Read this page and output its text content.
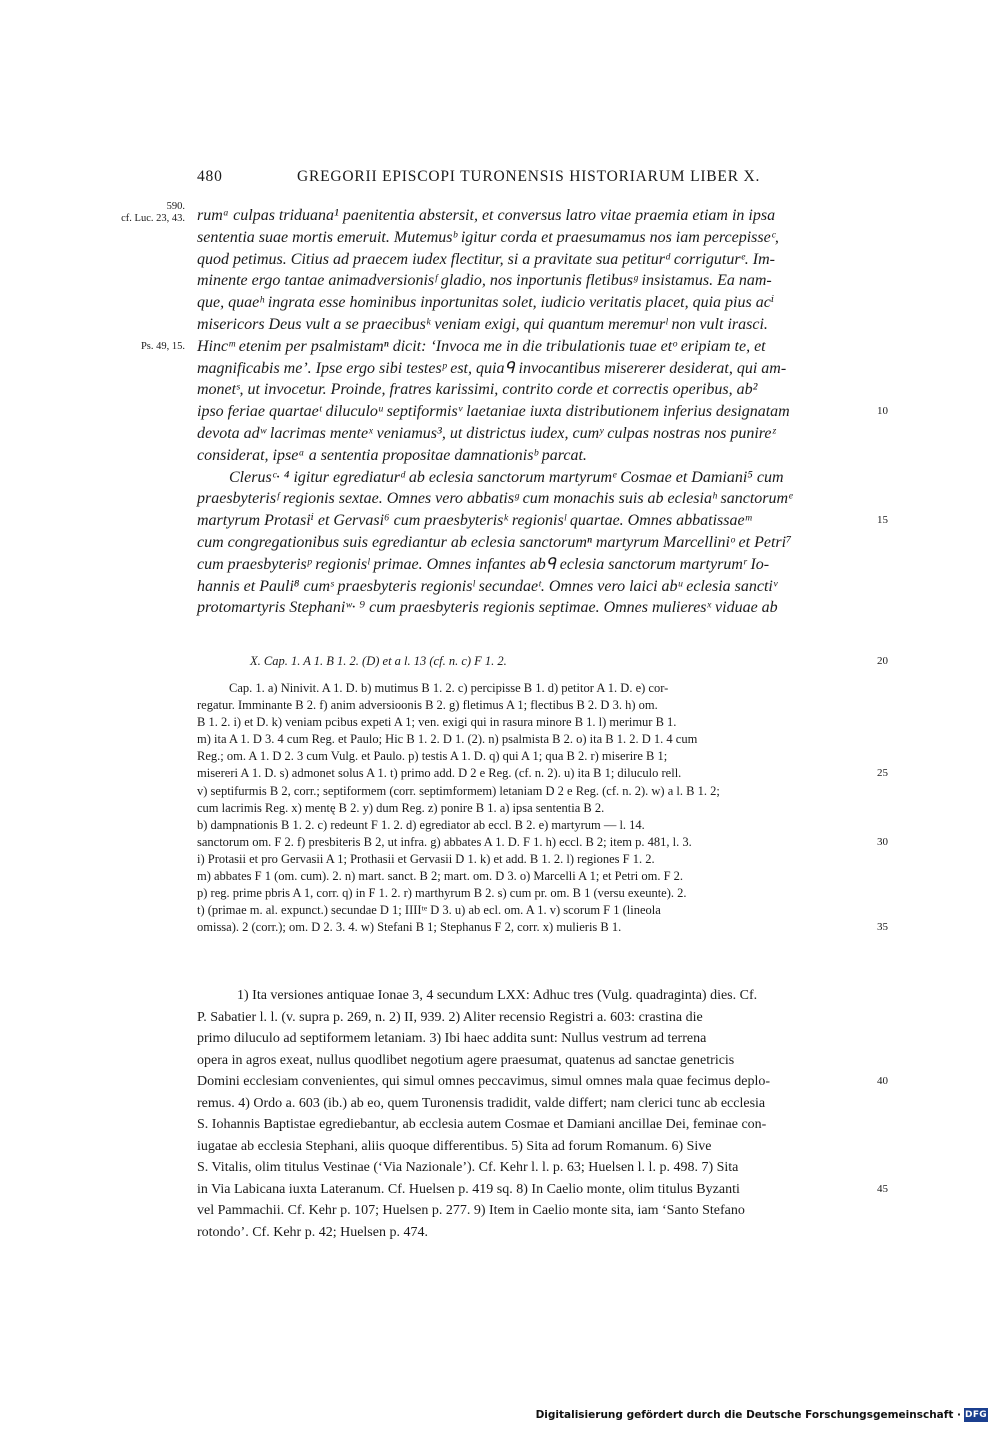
480	GREGORII EPISCOPI TURONENSIS HISTORIARUM LIBER X.
590.
cf. Luc. 23, 43. rumᵃ culpas triduana¹ paenitentia abstersit, et conversus latro vitae praemia etiam in ipsa
sententia suae mortis emeruit. Mutemusᵇ igitur corda et praesumamus nos iam percepisseᶜ,
quod petimus. Citius ad praecem iudex flectitur, si a pravitate sua petiturᵈ corriguturᵉ. Im-
minente ergo tantae animadversionisᶠ gladio, nos inportunis fletibusᵍ insistamus. Ea nam-
que, quaeʰ ingrata esse hominibus inportunitas solet, iudicio veritatis placet, quia pius acⁱ
misericors Deus vult a se praecibusᵏ veniam exigi, qui quantum meremurˡ non vult irasci.
Ps. 49, 15. Hincᵐ etenim per psalmistamⁿ dicit: ‘Invoca me in die tribulationis tuae etᵒ eripiam te, et
magnificabis me’. Ipse ergo sibi testesᵖ est, quiaᑫ invocantibus misererer desiderat, qui am-
monetˢ, ut invocetur. Proinde, fratres karissimi, contrito corde et correctis operibus, ab²
ipso feriae quartaeᵗ diluculoᵘ septiformisᵛ laetaniae iuxta distributionem inferius designatam	10
devota adʷ lacrimas menteˣ veniamus³, ut districtus iudex, cumʸ culpas nostras nos punireᶻ
considerat, ipseᵃ a sententia propositae damnationisᵇ parcat.
Clerusᶜ· ⁴ igitur egrediaturᵈ ab eclesia sanctorum martyrumᵉ Cosmae et Damiani⁵ cum
praesbyterisᶠ regionis sextae. Omnes vero abbatisᵍ cum monachis suis ab eclesiaʰ sanctorumᵉ
martyrum Protasiⁱ et Gervasi⁶ cum praesbyterisᵏ regionisˡ quartae. Omnes abbatissaeᵐ	15
cum congregationibus suis egrediantur ab eclesia sanctorumⁿ martyrum Marcelliniᵒ et Petri⁷
cum praesbyterisᵖ regionisˡ primae. Omnes infantes abᑫ eclesia sanctorum martyrumʳ Io-
hannis et Pauli⁸ cumˢ praesbyteris regionisˡ secundaeᵗ. Omnes vero laici abᵘ eclesia sanctiᵛ
protomartyris Stephaniʷ· ⁹ cum praesbyteris regionis septimae. Omnes mulieresˣ viduae ab
X. Cap. 1. A 1. B 1. 2. (D) et a l. 13 (cf. n. c) F 1. 2.	20
Cap. 1. a) Ninivit. A 1. D. b) mutimus B 1. 2. c) percipisse B 1. d) petitor A 1. D. e) cor-
regatur. Imminante B 2. f) anim adversioonis B 2. g) fletimus A 1; flectibus B 2. D 3. h) om.
B 1. 2. i) et D. k) veniam pcibus expeti A 1; ven. exigi qui in rasura minore B 1. l) merimur B 1.
m) ita A 1. D 3. 4 cum Reg. et Paulo; Hic B 1. 2. D 1. (2). n) psalmista B 2. o) ita B 1. 2. D 1. 4 cum
Reg.; om. A 1. D 2. 3 cum Vulg. et Paulo. p) testis A 1. D. q) qui A 1; qua B 2. r) miserire B 1;
misereri A 1. D. s) admonet solus A 1. t) primo add. D 2 e Reg. (cf. n. 2). u) ita B 1; diluculo rell.	25
v) septifurmis B 2, corr.; septiformem (corr. septimformem) letaniam D 2 e Reg. (cf. n. 2). w) a l. B 1. 2;
cum lacrimis Reg. x) mentę B 2. y) dum Reg. z) ponire B 1. a) ipsa sententia B 2.
b) dampnationis B 1. 2. c) redeunt F 1. 2. d) egrediator ab eccl. B 2. e) martyrum — l. 14.
sanctorum om. F 2. f) presbiteris B 2, ut infra. g) abbates A 1. D. F 1. h) eccl. B 2; item p. 481, l. 3.	30
i) Protasii et pro Gervasii A 1; Prothasii et Gervasii D 1. k) et add. B 1. 2. l) regiones F 1. 2.
m) abbates F 1 (om. cum). 2. n) mart. sanct. B 2; mart. om. D 3. o) Marcelli A 1; et Petri om. F 2.
p) reg. prime pbris A 1, corr. q) in F 1. 2. r) marthyrum B 2. s) cum pr. om. B 1 (versu exeunte). 2.
t) (primae m. al. expunct.) secundae D 1; IIIIᵗᵉ D 3. u) ab ecl. om. A 1. v) scorum F 1 (lineola
omissa). 2 (corr.); om. D 2. 3. 4. w) Stefani B 1; Stephanus F 2, corr. x) mulieris B 1.	35
1) Ita versiones antiquae Ionae 3, 4 secundum LXX: Adhuc tres (Vulg. quadraginta) dies. Cf.
P. Sabatier l. l. (v. supra p. 269, n. 2) II, 939. 2) Aliter recensio Registri a. 603: crastina die
primo diluculo ad septiformem letaniam. 3) Ibi haec addita sunt: Nullus vestrum ad terrena
opera in agros exeat, nullus quodlibet negotium agere praesumat, quatenus ad sanctae genetricis
Domini ecclesiam convenientes, qui simul omnes peccavimus, simul omnes mala quae fecimus deplo-	40
remus. 4) Ordo a. 603 (ib.) ab eo, quem Turonensis tradidit, valde differt; nam clerici tunc ab ecclesia
S. Iohannis Baptistae egrediebantur, ab ecclesia autem Cosmae et Damiani ancillae Dei, feminae con-
iugatae ab ecclesia Stephani, aliis quoque differentibus. 5) Sita ad forum Romanum. 6) Sive
S. Vitalis, olim titulus Vestinae (‘Via Nazionale’). Cf. Kehr l. l. p. 63; Huelsen l. l. p. 498. 7) Sita
in Via Labicana iuxta Lateranum. Cf. Huelsen p. 419 sq. 8) In Caelio monte, olim titulus Byzanti	45
vel Pammachii. Cf. Kehr p. 107; Huelsen p. 277. 9) Item in Caelio monte sita, iam ‘Santo Stefano
rotondo’. Cf. Kehr p. 42; Huelsen p. 474.
Digitalisierung gefördert durch die Deutsche Forschungsgemeinschaft · DFG
